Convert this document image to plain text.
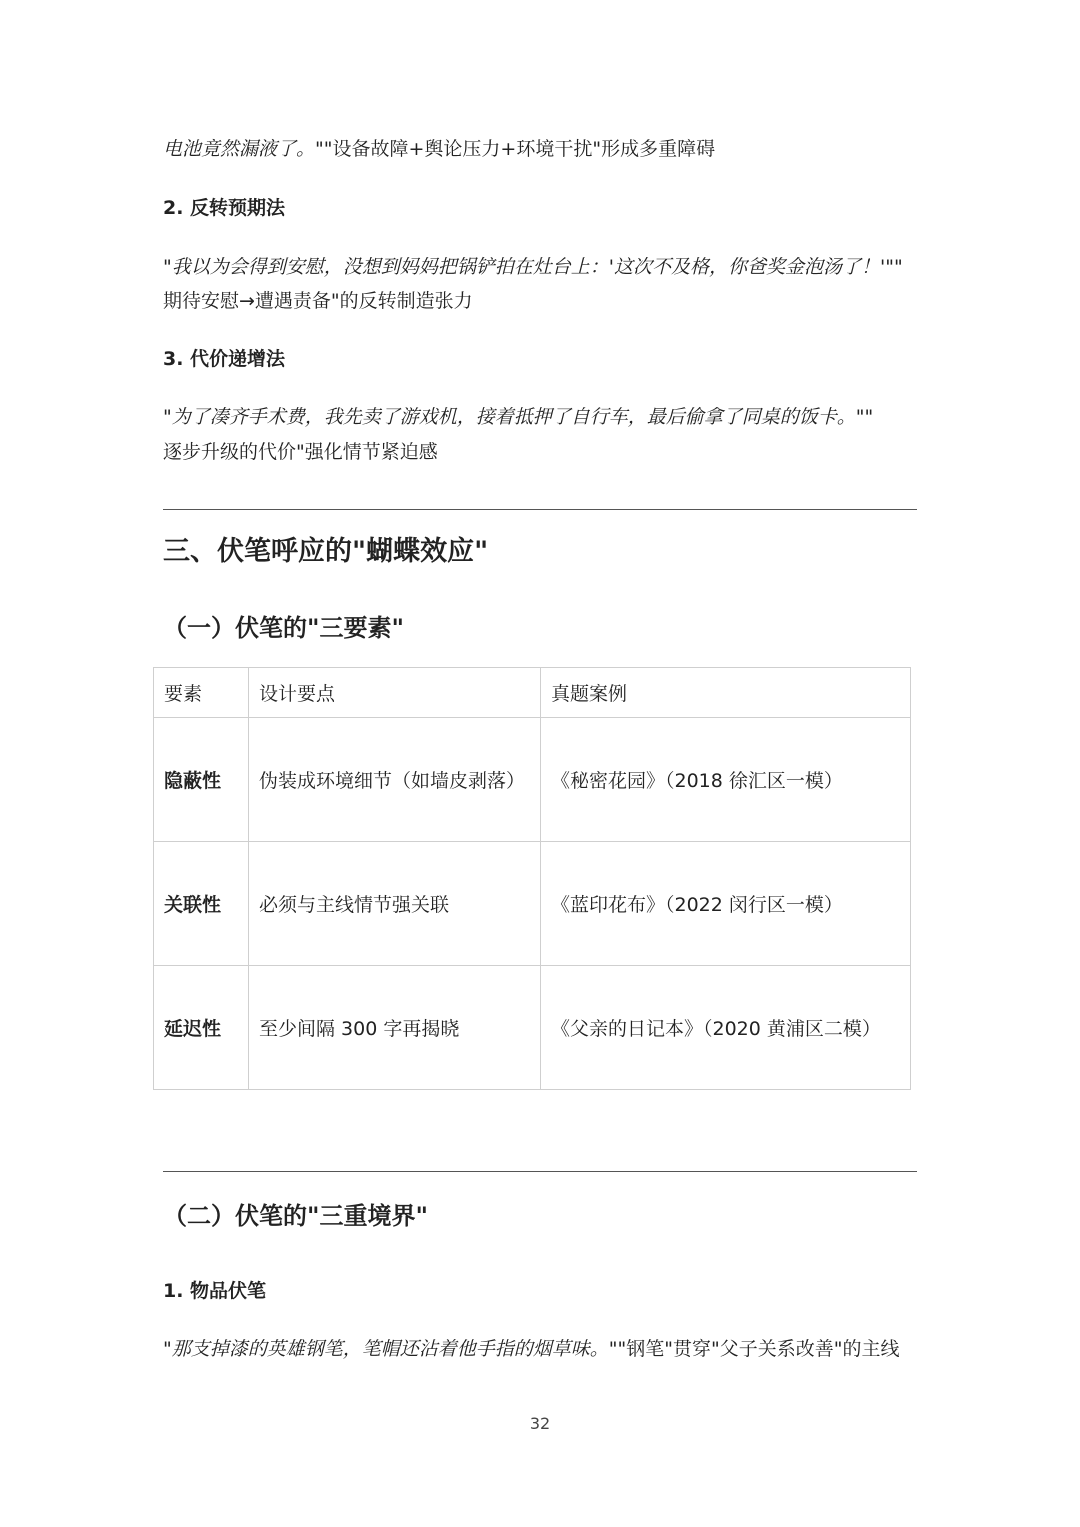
电池竟然漏液了。""设备故障+舆论压力+环境干扰"形成多重障碍
2. 反转预期法
"我以为会得到安慰，没想到妈妈把锅铲拍在灶台上：'这次不及格，你爸奖金泡汤了！'""
期待安慰→遭遇责备"的反转制造张力
3. 代价递增法
"为了凑齐手术费，我先卖了游戏机，接着抵押了自行车，最后偷拿了同桌的饭卡。""
逐步升级的代价"强化情节紧迫感
三、伏笔呼应的"蝴蝶效应"
（一）伏笔的"三要素"
要素	设计要点	真题案例
隐蔽性	伪装成环境细节（如墙皮剥落）	《秘密花园》（2018 徐汇区一模）
关联性	必须与主线情节强关联	《蓝印花布》（2022 闵行区一模）
延迟性	至少间隔 300 字再揭晓	《父亲的日记本》（2020 黄浦区二模）
（二）伏笔的"三重境界"
1. 物品伏笔
"那支掉漆的英雄钢笔，笔帽还沾着他手指的烟草味。""钢笔"贯穿"父子关系改善"的主线
32
